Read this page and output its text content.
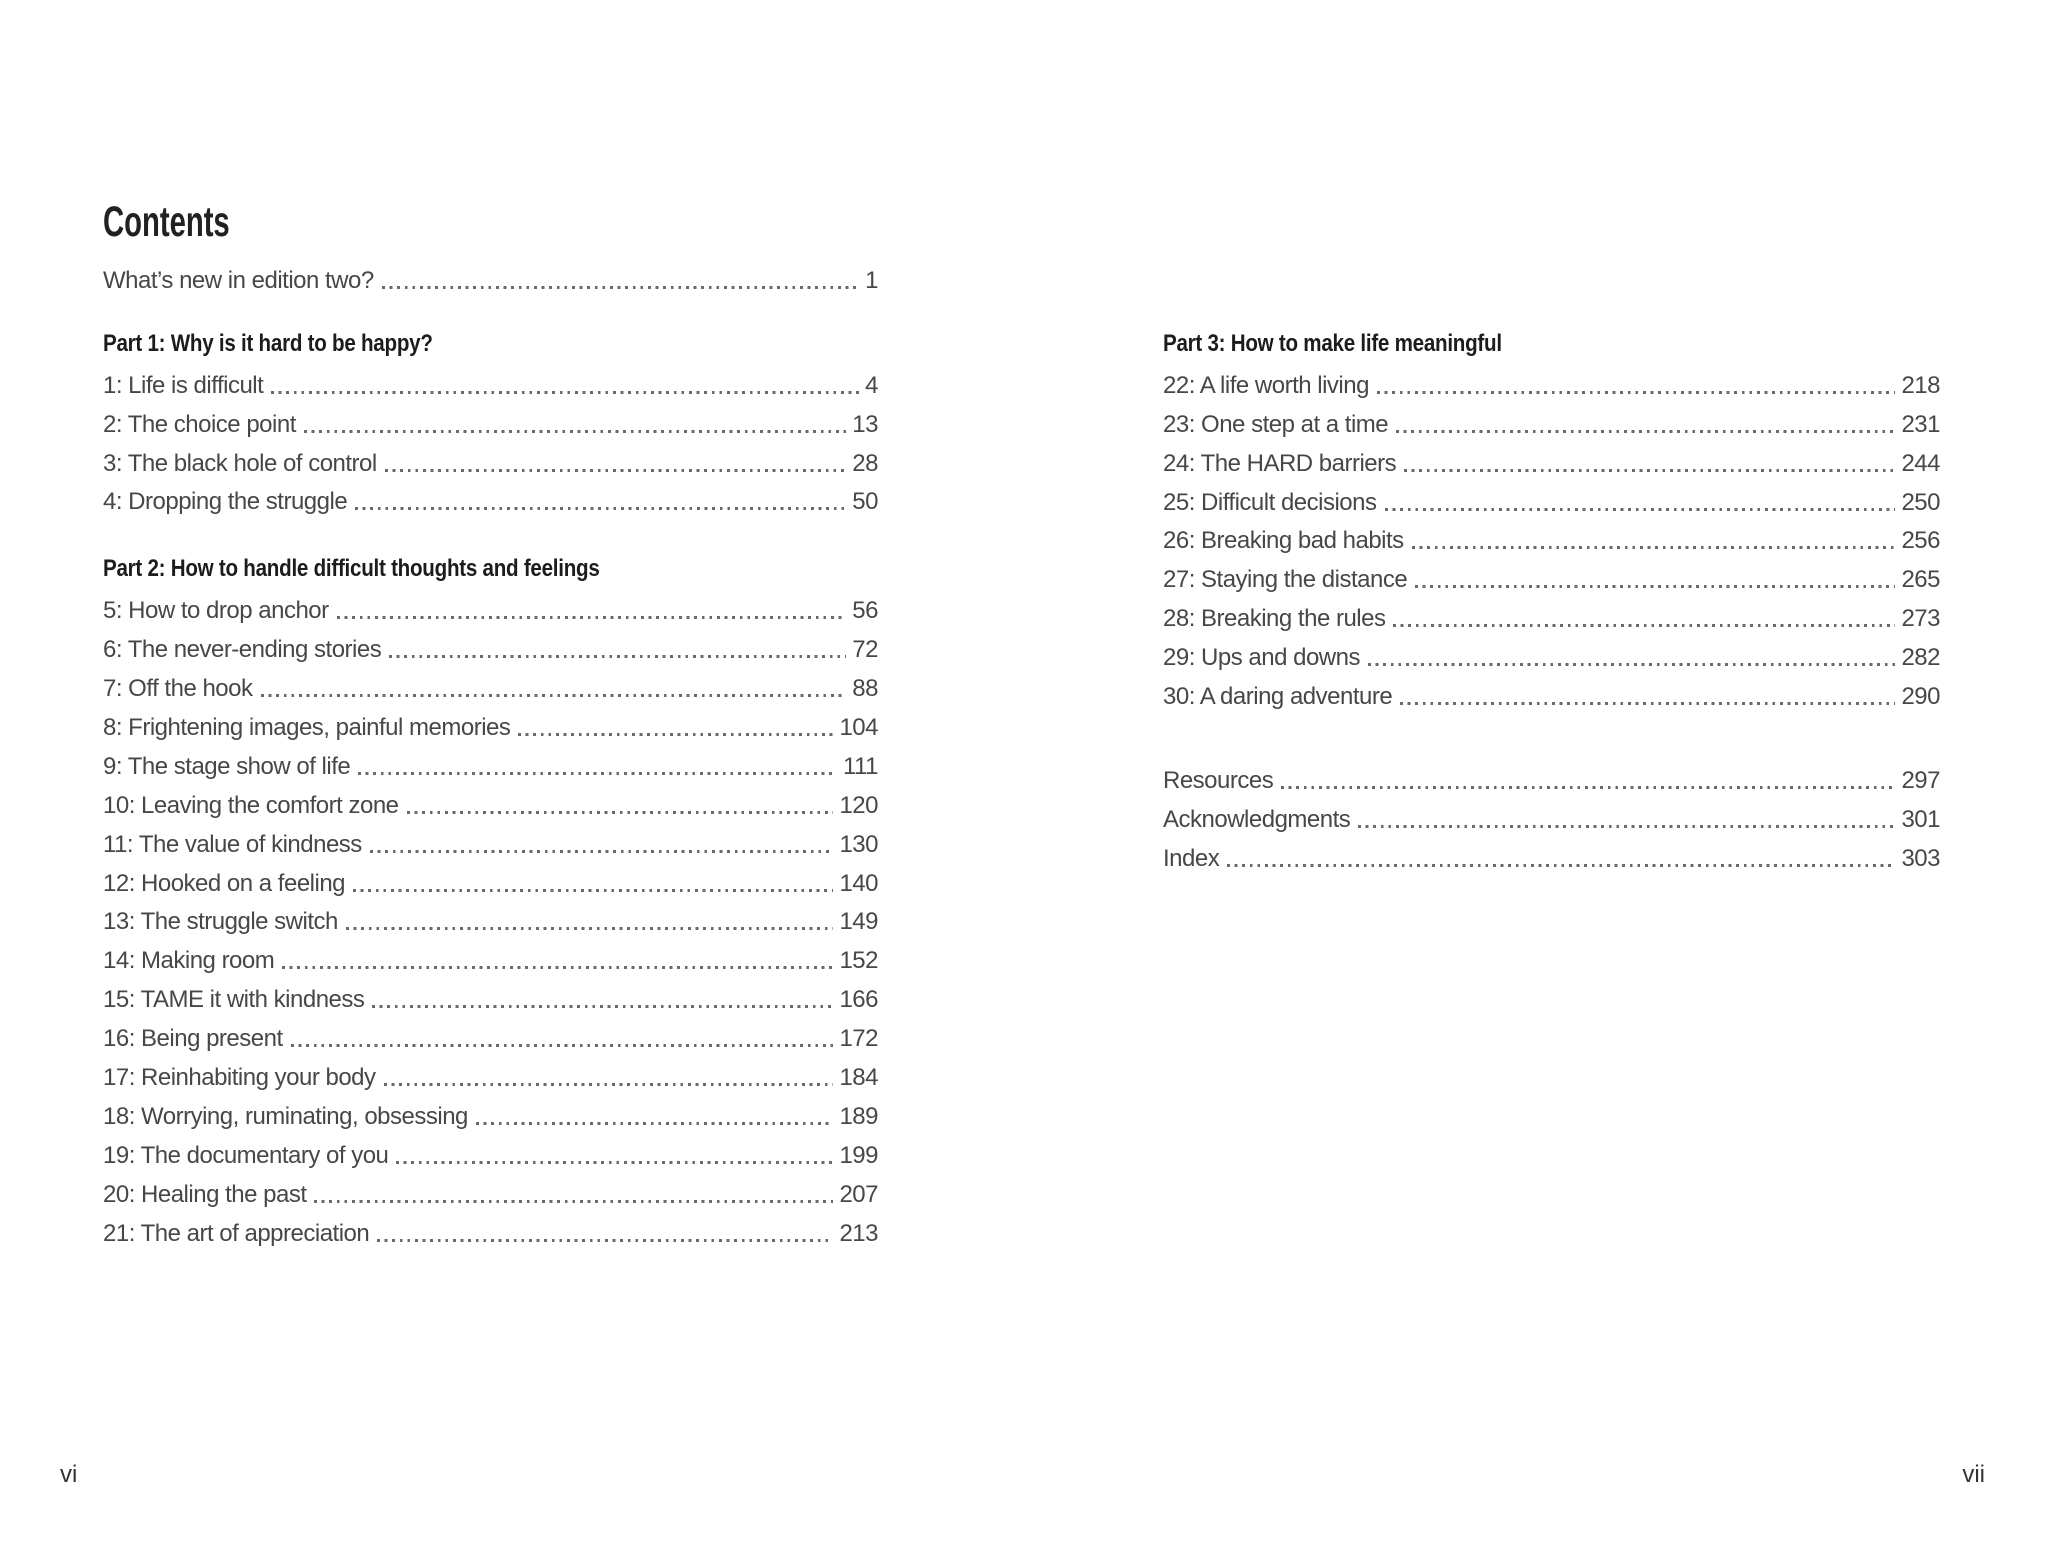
Contents
What’s new in edition two?	1
Part 1: Why is it hard to be happy?
1: Life is difficult	4
2: The choice point	13
3: The black hole of control	28
4: Dropping the struggle	50
Part 2: How to handle difficult thoughts and feelings
5: How to drop anchor	56
6: The never-ending stories	72
7: Off the hook	88
8: Frightening images, painful memories	104
9: The stage show of life	111
10: Leaving the comfort zone	120
11: The value of kindness	130
12: Hooked on a feeling	140
13: The struggle switch	149
14: Making room	152
15: TAME it with kindness	166
16: Being present	172
17: Reinhabiting your body	184
18: Worrying, ruminating, obsessing	189
19: The documentary of you	199
20: Healing the past	207
21: The art of appreciation	213
vi
Part 3: How to make life meaningful
22: A life worth living	218
23: One step at a time	231
24: The HARD barriers	244
25: Difficult decisions	250
26: Breaking bad habits	256
27: Staying the distance	265
28: Breaking the rules	273
29: Ups and downs	282
30: A daring adventure	290
Resources	297
Acknowledgments	301
Index	303
vii
